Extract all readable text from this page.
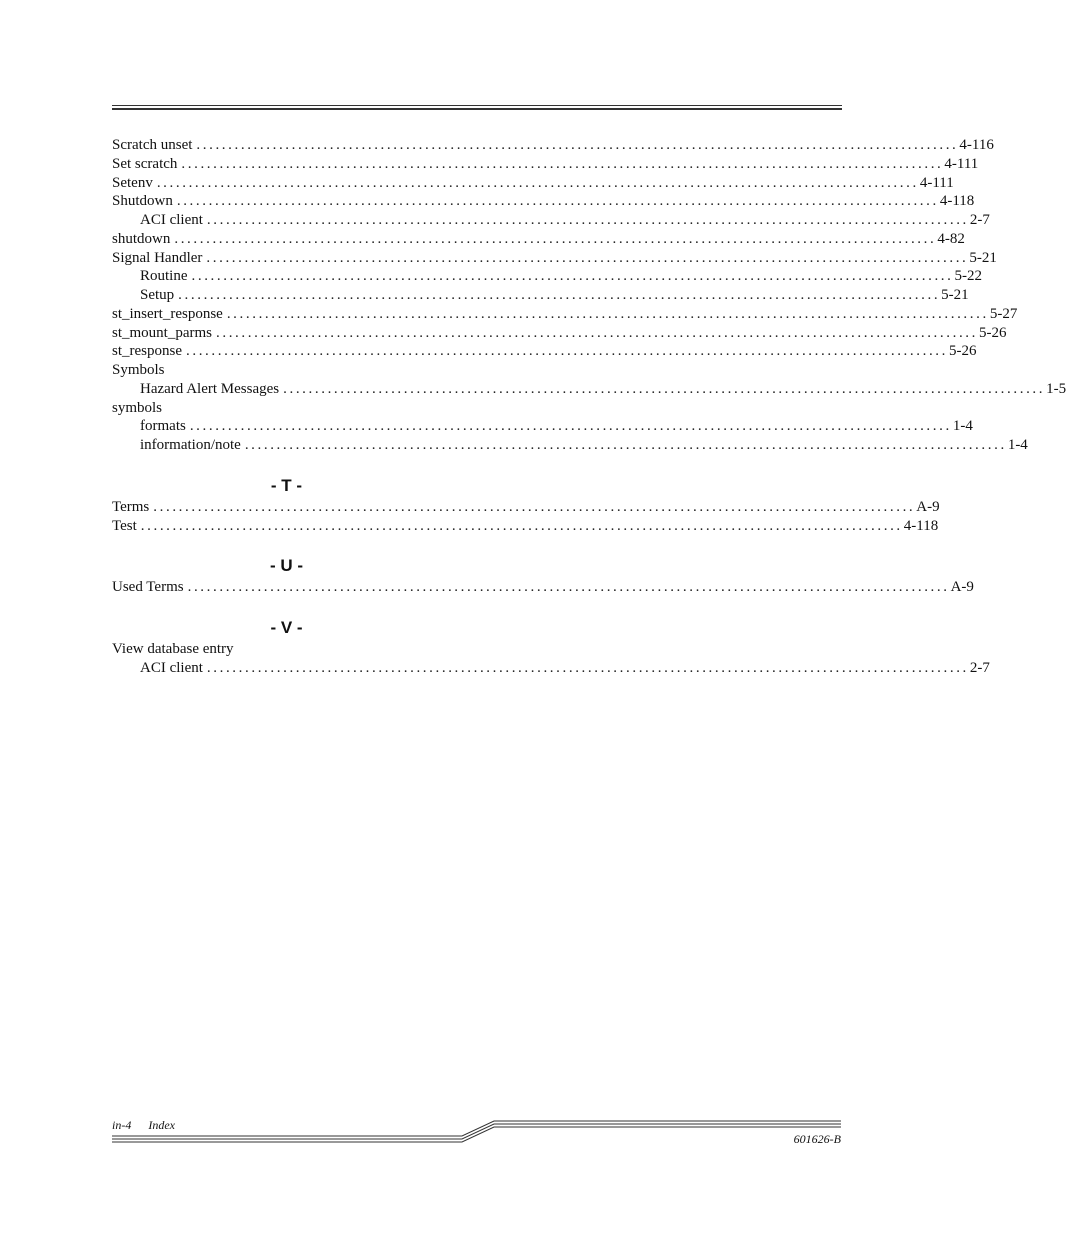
Scratch unset ........................................................................................................................ 4-116
Set scratch ........................................................................................................................ 4-111
Setenv ........................................................................................................................ 4-111
Shutdown ........................................................................................................................ 4-118
ACI client ........................................................................................................................ 2-7
shutdown ........................................................................................................................ 4-82
Signal Handler ........................................................................................................................ 5-21
Routine ........................................................................................................................ 5-22
Setup ........................................................................................................................ 5-21
st_insert_response ........................................................................................................................ 5-27
st_mount_parms ........................................................................................................................ 5-26
st_response ........................................................................................................................ 5-26
Symbols
Hazard Alert Messages ........................................................................................................................ 1-5
symbols
formats ........................................................................................................................ 1-4
information/note ........................................................................................................................ 1-4
- T -
Terms ........................................................................................................................ A-9
Test ........................................................................................................................ 4-118
- U -
Used Terms ........................................................................................................................ A-9
- V -
View database entry
ACI client ........................................................................................................................ 2-7
in-4 Index
601626-B
